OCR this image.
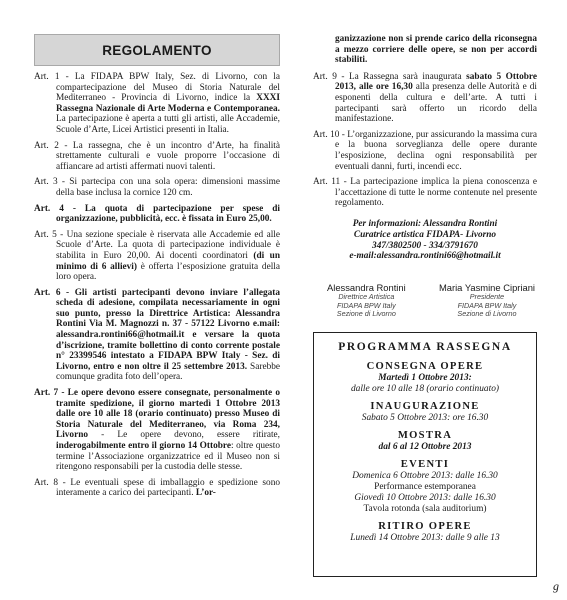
REGOLAMENTO

Art. 1 - La FIDAPA BPW Italy, Sez. di Livorno, con la compartecipazione del Museo di Storia Naturale del Mediterraneo - Provincia di Livorno, indice la XXXI Rassegna Nazionale di Arte Moderna e Contemporanea. La partecipazione è aperta a tutti gli artisti, alle Accademie, Scuole d’Arte, Licei Artistici presenti in Italia.

Art. 2 - La rassegna, che è un incontro d’Arte, ha finalità strettamente culturali e vuole proporre l’occasione di affiancare ad artisti affermati nuovi talenti.

Art. 3 - Si partecipa con una sola opera: dimensioni massime della base inclusa la cornice 120 cm.

Art. 4 - La quota di partecipazione per spese di organizzazione, pubblicità, ecc. è fissata in Euro 25,00.

Art. 5 - Una sezione speciale è riservata alle Accademie ed alle Scuole d’Arte. La quota di partecipazione individuale è stabilita in Euro 20,00. Ai docenti coordinatori (di un minimo di 6 allievi) è offerta l’esposizione gratuita della loro opera.

Art. 6 - Gli artisti partecipanti devono inviare l’allegata scheda di adesione, compilata necessariamente in ogni suo punto, presso la Direttrice Artistica: Alessandra Rontini Via M. Magnozzi n. 37 - 57122 Livorno e.mail: alessandra.rontini66@hotmail.it e versare la quota d’iscrizione, tramite bollettino di conto corrente postale n° 23399546 intestato a FIDAPA BPW Italy - Sez. di Livorno, entro e non oltre il 25 settembre 2013. Sarebbe comunque gradita foto dell’opera.

Art. 7 - Le opere devono essere consegnate, personalmente o tramite spedizione, il giorno martedì 1 Ottobre 2013 dalle ore 10 alle 18 (orario continuato) presso Museo di Storia Naturale del Mediterraneo, via Roma 234, Livorno - Le opere devono, essere ritirate, inderogabilmente entro il giorno 14 Ottobre: oltre questo termine l’Associazione organizzatrice ed il Museo non si ritengono responsabili per la custodia delle stesse.

Art. 8 - Le eventuali spese di imballaggio e spedizione sono interamente a carico dei partecipanti. L’or-

ganizzazione non si prende carico della riconsegna a mezzo corriere delle opere, se non per accordi stabiliti.

Art. 9 - La Rassegna sarà inaugurata sabato 5 Ottobre 2013, alle ore 16,30 alla presenza delle Autorità e di esponenti della cultura e dell’arte. A tutti i partecipanti sarà offerto un ricordo della manifestazione.

Art. 10 - L’organizzazione, pur assicurando la massima cura e la buona sorveglianza delle opere durante l’esposizione, declina ogni responsabilità per eventuali danni, furti, incendi ecc.

Art. 11 - La partecipazione implica la piena conoscenza e l’accettazione di tutte le norme contenute nel presente regolamento.

Per informazioni: Alessandra Rontini
Curatrice artistica FIDAPA- Livorno
347/3802500 - 334/3791670
e-mail:alessandra.rontini66@hotmail.it
Alessandra Rontini
Direttrice Artistica
FIDAPA BPW Italy
Sezione di Livorno
Maria Yasmine Cipriani
Presidente
FIDAPA BPW Italy
Sezione di Livorno
PROGRAMMA RASSEGNA
CONSEGNA OPERE
Martedì 1 Ottobre 2013:
dalle ore 10 alle 18 (orario continuato)
INAUGURAZIONE
Sabato 5 Ottobre 2013: ore 16.30
MOSTRA
dal 6 al 12 Ottobre 2013
EVENTI
Domenica 6 Ottobre 2013: dalle 16.30
Performance estemporanea
Giovedì 10 Ottobre 2013: dalle 16.30
Tavola rotonda (sala auditorium)
RITIRO OPERE
Lunedì 14 Ottobre 2013: dalle 9 alle 13
g
